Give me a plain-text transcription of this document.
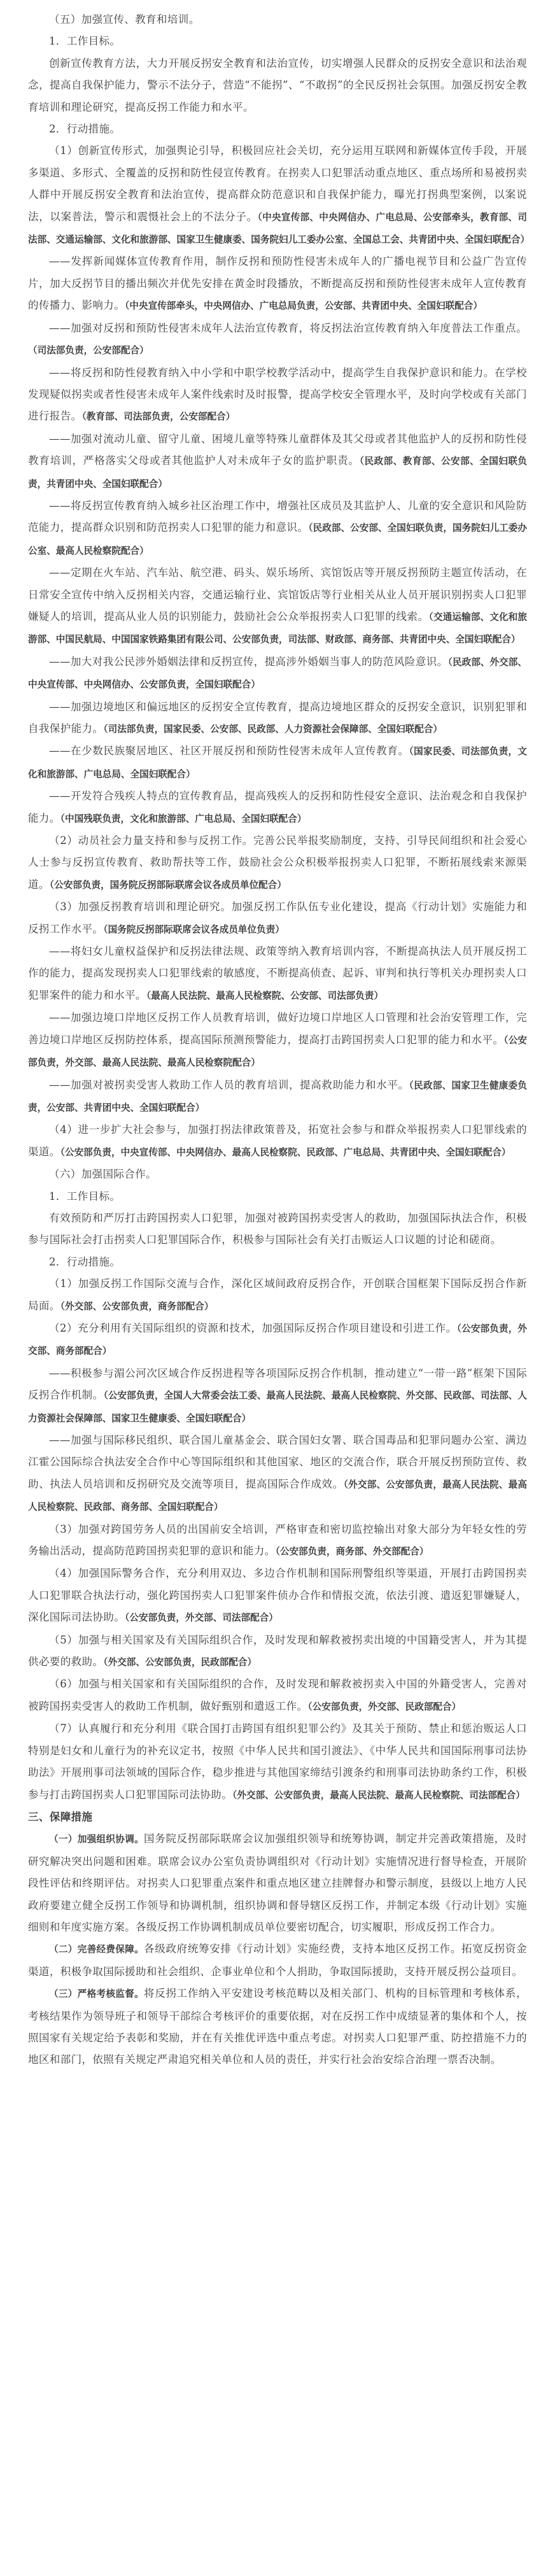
（五）加强宣传、教育和培训。

1．工作目标。

创新宣传教育方法，大力开展反拐安全教育和法治宣传，切实增强人民群众的反拐安全意识和法治观念，提高自我保护能力，警示不法分子，营造“不能拐”、“不敢拐”的全民反拐社会氛围。加强反拐安全教育培训和理论研究，提高反拐工作能力和水平。

2．行动措施。

（1）创新宣传形式，加强舆论引导，积极回应社会关切，充分运用互联网和新媒体宣传手段，开展多渠道、多形式、全覆盖的反拐和防性侵宣传教育。在拐卖人口犯罪活动重点地区、重点场所和易被拐卖人群中开展反拐安全教育和法治宣传，提高群众防范意识和自我保护能力，曝光打拐典型案例，以案说法，以案普法，警示和震慑社会上的不法分子。（中央宣传部、中央网信办、广电总局、公安部牵头，教育部、司法部、交通运输部、文化和旅游部、国家卫生健康委、国务院妇儿工委办公室、全国总工会、共青团中央、全国妇联配合）

——发挥新闻媒体宣传教育作用，制作反拐和预防性侵害未成年人的广播电视节目和公益广告宣传片，加大反拐节目的播出频次并优先安排在黄金时段播放，不断提高反拐和预防性侵害未成年人宣传教育的传播力、影响力。（中央宣传部牵头，中央网信办、广电总局负责，公安部、共青团中央、全国妇联配合）

——加强对反拐和预防性侵害未成年人法治宣传教育，将反拐法治宣传教育纳入年度普法工作重点。（司法部负责，公安部配合）

——将反拐和防性侵教育纳入中小学和中职学校教学活动中，提高学生自我保护意识和能力。在学校发现疑似拐卖或者性侵害未成年人案件线索时及时报警，提高学校安全管理水平，及时向学校或有关部门进行报告。（教育部、司法部负责，公安部配合）

——加强对流动儿童、留守儿童、困境儿童等特殊儿童群体及其父母或者其他监护人的反拐和防性侵教育培训，严格落实父母或者其他监护人对未成年子女的监护职责。（民政部、教育部、公安部、全国妇联负责，共青团中央、全国妇联配合）

——将反拐宣传教育纳入城乡社区治理工作中，增强社区成员及其监护人、儿童的安全意识和风险防范能力，提高群众识别和防范拐卖人口犯罪的能力和意识。（民政部、公安部、全国妇联负责，国务院妇儿工委办公室、最高人民检察院配合）

——定期在火车站、汽车站、航空港、码头、娱乐场所、宾馆饭店等开展反拐预防主题宣传活动，在日常安全宣传中纳入反拐相关内容，交通运输行业、宾馆饭店等行业相关从业人员开展识别拐卖人口犯罪嫌疑人的培训，提高从业人员的识别能力，鼓励社会公众举报拐卖人口犯罪的线索。（交通运输部、文化和旅游部、中国民航局、中国国家铁路集团有限公司、公安部负责，司法部、财政部、商务部、共青团中央、全国妇联配合）

——加大对我公民涉外婚姻法律和反拐宣传，提高涉外婚姻当事人的防范风险意识。（民政部、外交部、中央宣传部、中央网信办、公安部负责，全国妇联配合）

——加强边境地区和偏远地区的反拐安全宣传教育，提高边境地区群众的反拐安全意识，识别犯罪和自我保护能力。（司法部负责，国家民委、公安部、民政部、人力资源社会保障部、全国妇联配合）

——在少数民族聚居地区、社区开展反拐和预防性侵害未成年人宣传教育。（国家民委、司法部负责，文化和旅游部、广电总局、全国妇联配合）

——开发符合残疾人特点的宣传教育品，提高残疾人的反拐和防性侵安全意识、法治观念和自我保护能力。（中国残联负责，文化和旅游部、广电总局、全国妇联配合）

（2）动员社会力量支持和参与反拐工作。完善公民举报奖励制度，支持、引导民间组织和社会爱心人士参与反拐宣传教育、救助帮扶等工作，鼓励社会公众积极举报拐卖人口犯罪，不断拓展线索来源渠道。（公安部负责，国务院反拐部际联席会议各成员单位配合）

（3）加强反拐教育培训和理论研究。加强反拐工作队伍专业化建设，提高《行动计划》实施能力和反拐工作水平。（国务院反拐部际联席会议各成员单位负责）

——将妇女儿童权益保护和反拐法律法规、政策等纳入教育培训内容，不断提高执法人员开展反拐工作的能力，提高发现拐卖人口犯罪线索的敏感度，不断提高侦查、起诉、审判和执行等机关办理拐卖人口犯罪案件的能力和水平。（最高人民法院、最高人民检察院、公安部、司法部负责）

——加强边境口岸地区反拐工作人员教育培训，做好边境口岸地区人口管理和社会治安管理工作，完善边境口岸地区反拐防控体系，提高国际预测预警能力，提高打击跨国拐卖人口犯罪的能力和水平。（公安部负责，外交部、最高人民法院、最高人民检察院配合）

——加强对被拐卖受害人救助工作人员的教育培训，提高救助能力和水平。（民政部、国家卫生健康委负责，公安部、共青团中央、全国妇联配合）

（4）进一步扩大社会参与，加强打拐法律政策普及，拓宽社会参与和群众举报拐卖人口犯罪线索的渠道。（公安部负责，中央宣传部、中央网信办、最高人民检察院、民政部、广电总局、共青团中央、全国妇联配合）

（六）加强国际合作。

1．工作目标。

有效预防和严厉打击跨国拐卖人口犯罪，加强对被跨国拐卖受害人的救助，加强国际执法合作，积极参与国际社会打击拐卖人口犯罪国际合作，积极参与国际社会有关打击贩运人口议题的讨论和磋商。

2．行动措施。

（1）加强反拐工作国际交流与合作，深化区域间政府反拐合作，开创联合国框架下国际反拐合作新局面。（外交部、公安部负责，商务部配合）

（2）充分利用有关国际组织的资源和技术，加强国际反拐合作项目建设和引进工作。（公安部负责，外交部、商务部配合）

——积极参与湄公河次区域合作反拐进程等各项国际反拐合作机制，推动建立“一带一路”框架下国际反拐合作机制。（公安部负责，全国人大常委会法工委、最高人民法院、最高人民检察院、外交部、民政部、司法部、人力资源社会保障部、国家卫生健康委、全国妇联配合）

——加强与国际移民组织、联合国儿童基金会、联合国妇女署、联合国毒品和犯罪问题办公室、满边江霍公国际综合执法安全合作中心等国际组织和其他国家、地区的交流合作，联合开展反拐预防宣传、救助、执法人员培训和反拐研究及交流等项目，提高国际合作成效。（外交部、公安部负责，最高人民法院、最高人民检察院、民政部、商务部、全国妇联配合）

（3）加强对跨国劳务人员的出国前安全培训，严格审查和密切监控输出对象大部分为年轻女性的劳务输出活动，提高防范跨国拐卖犯罪的意识和能力。（公安部负责，商务部、外交部配合）

（4）加强国际警务合作，充分利用双边、多边合作机制和国际刑警组织等渠道，开展打击跨国拐卖人口犯罪联合执法行动，强化跨国拐卖人口犯罪案件侦办合作和情报交流，依法引渡、遣返犯罪嫌疑人，深化国际司法协助。（公安部负责，外交部、司法部配合）

（5）加强与相关国家及有关国际组织合作，及时发现和解救被拐卖出境的中国籍受害人，并为其提供必要的救助。（外交部、公安部负责，民政部配合）

（6）加强与相关国家和有关国际组织的合作，及时发现和解救被拐卖入中国的外籍受害人，完善对被跨国拐卖受害人的救助工作机制，做好甄别和遣返工作。（公安部负责，外交部、民政部配合）

（7）认真履行和充分利用《联合国打击跨国有组织犯罪公约》及其关于预防、禁止和惩治贩运人口特别是妇女和儿童行为的补充议定书，按照《中华人民共和国引渡法》、《中华人民共和国国际刑事司法协助法》开展刑事司法领域的国际合作，稳步推进与其他国家缔结引渡条约和刑事司法协助条约工作，积极参与打击跨国拐卖人口犯罪国际司法协助。（外交部、公安部负责，最高人民法院、最高人民检察院、司法部配合）

三、保障措施

（一）加强组织协调。国务院反拐部际联席会议加强组织领导和统筹协调，制定并完善政策措施，及时研究解决突出问题和困难。联席会议办公室负责协调组织对《行动计划》实施情况进行督导检查，开展阶段性评估和终期评估。对拐卖人口犯罪重点案件和重点地区建立挂牌督办和警示制度，县级以上地方人民政府要建立健全反拐工作领导和协调机制，组织协调和督导辖区反拐工作，并制定本级《行动计划》实施细则和年度实施方案。各级反拐工作协调机制成员单位要密切配合，切实履职，形成反拐工作合力。

（二）完善经费保障。各级政府统筹安排《行动计划》实施经费，支持本地区反拐工作。拓宽反拐资金渠道，积极争取国际援助和社会组织、企事业单位和个人捐助，争取国际援助，支持开展反拐公益项目。

（三）严格考核监督。将反拐工作纳入平安建设考核范畴以及相关部门、机构的目标管理和考核体系，考核结果作为领导班子和领导干部综合考核评价的重要依据，对在反拐工作中成绩显著的集体和个人，按照国家有关规定给予表彰和奖励，并在有关推优评选中重点考虑。对拐卖人口犯罪严重、防控措施不力的地区和部门，依照有关规定严肃追究相关单位和人员的责任，并实行社会治安综合治理一票否决制。
